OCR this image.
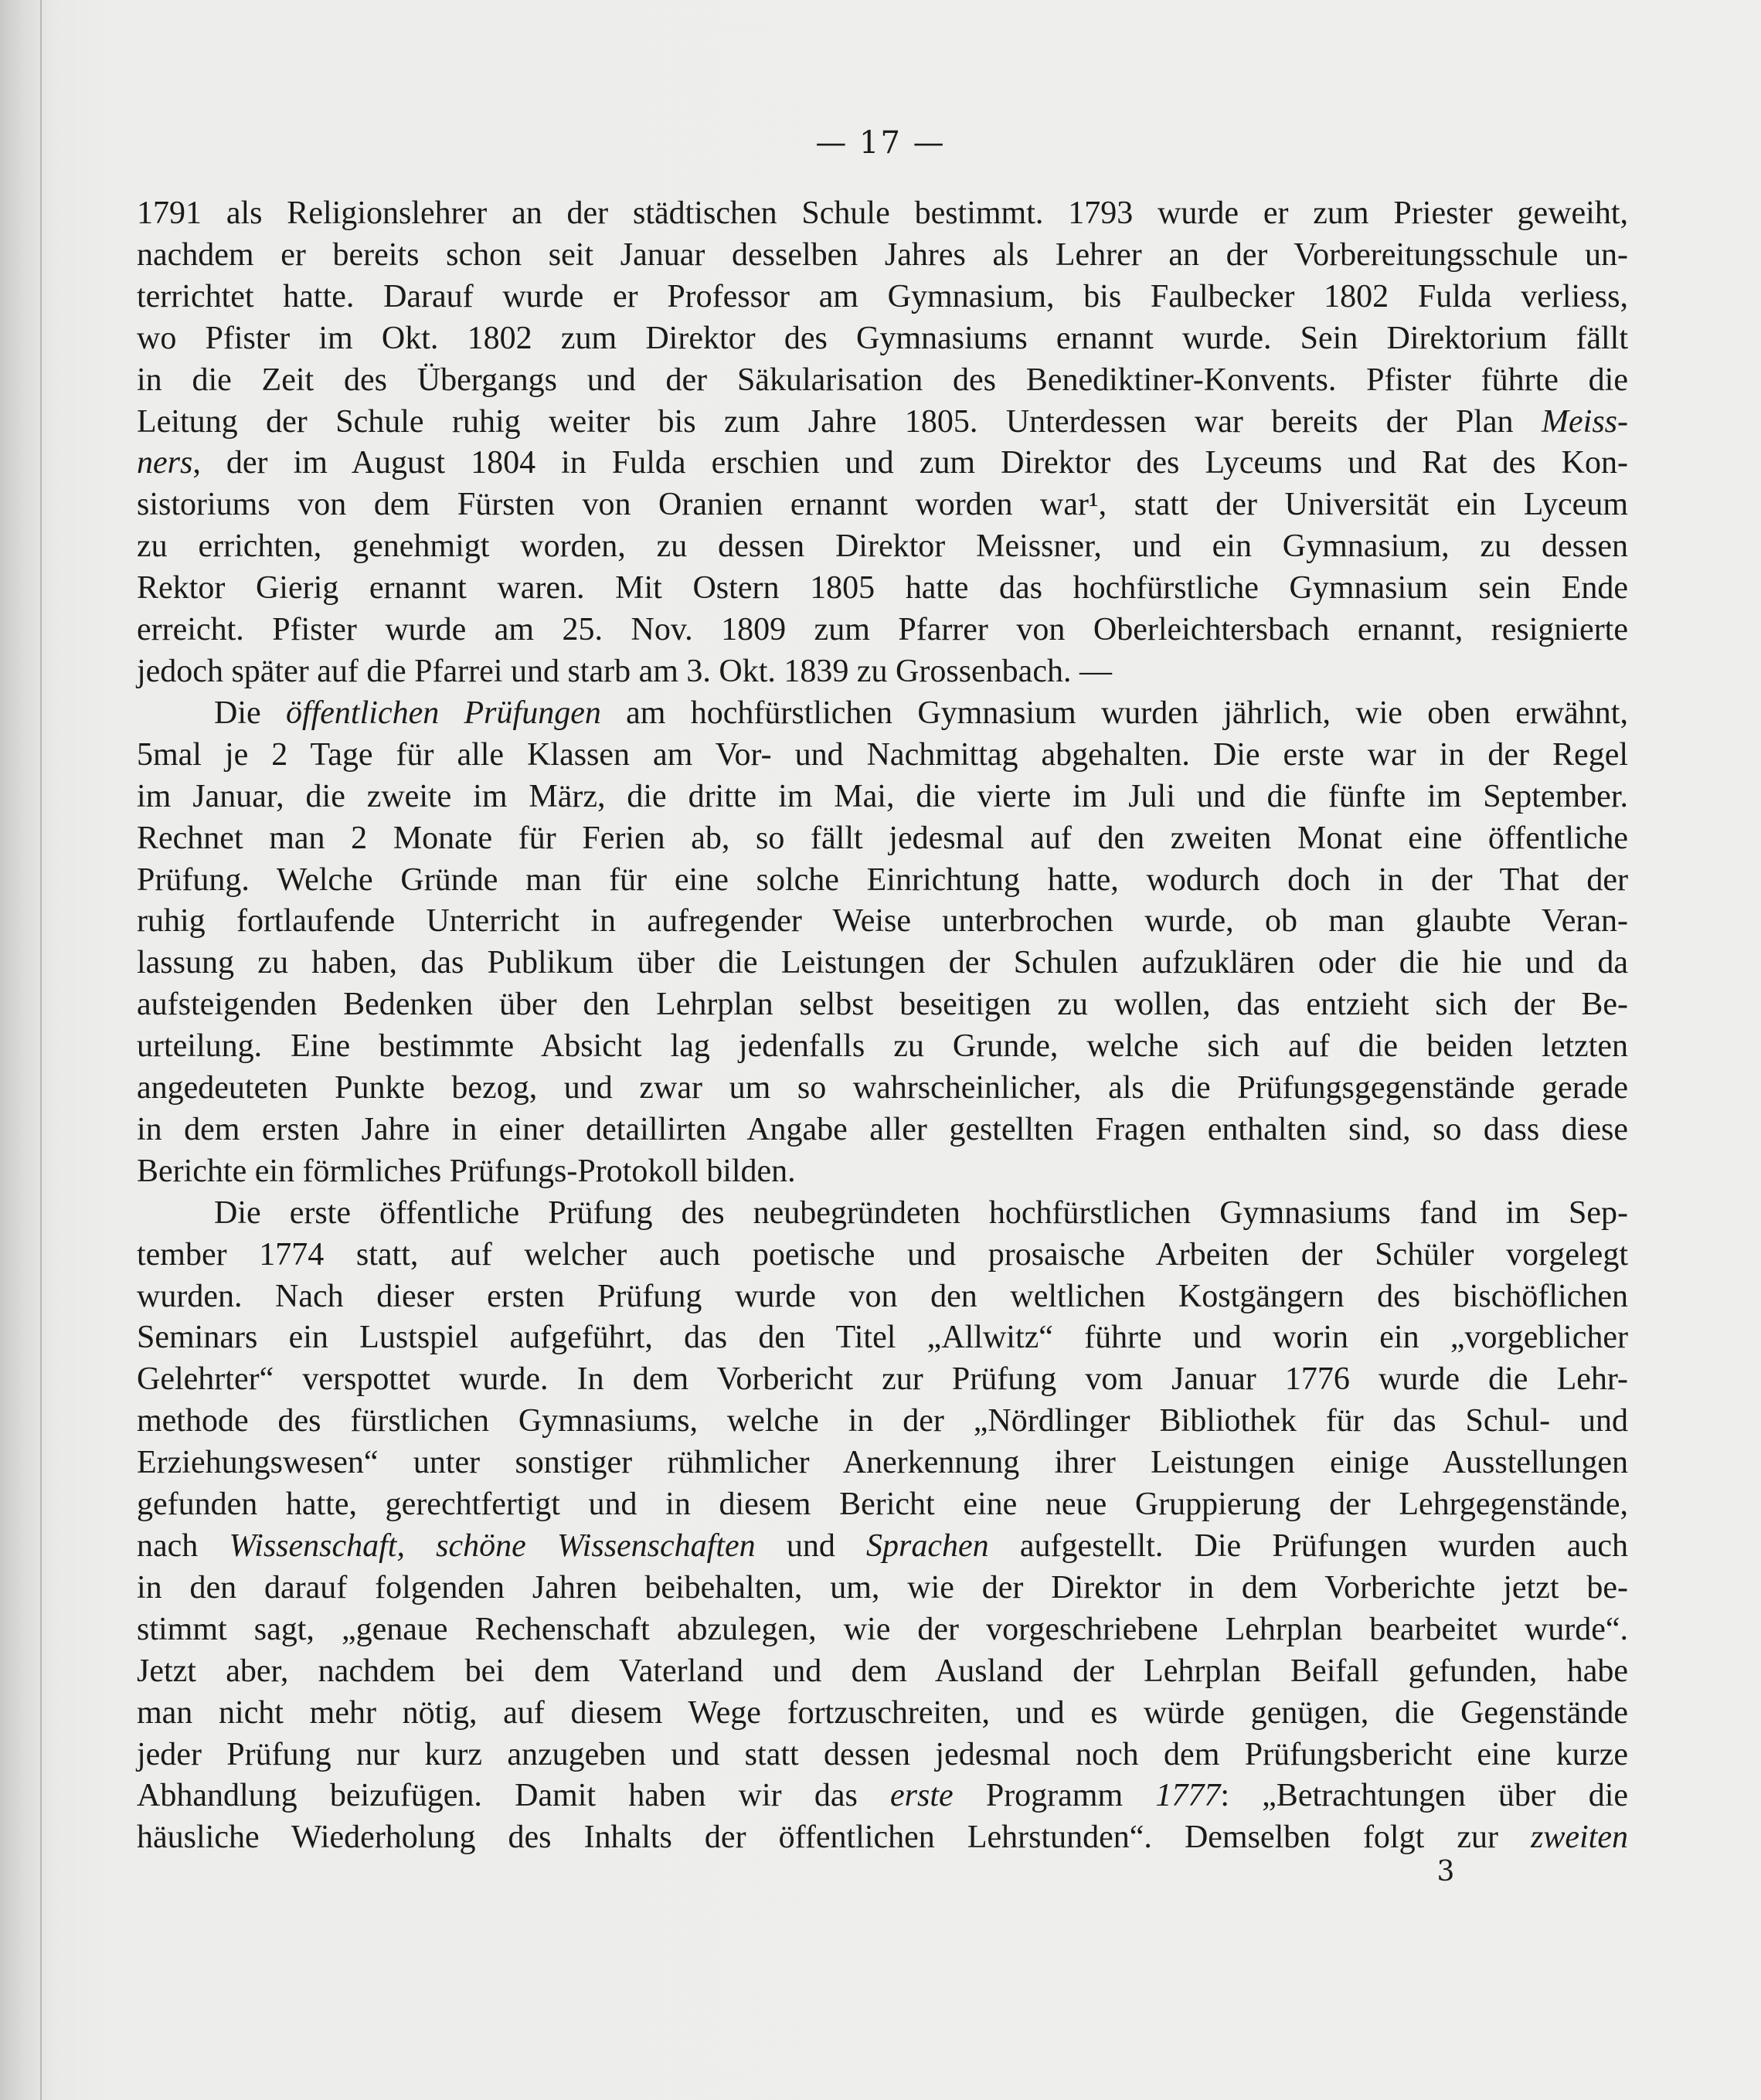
— 17 —

1791 als Religionslehrer an der städtischen Schule bestimmt. 1793 wurde er zum Priester geweiht,
nachdem er bereits schon seit Januar desselben Jahres als Lehrer an der Vorbereitungsschule un-
terrichtet hatte. Darauf wurde er Professor am Gymnasium, bis Faulbecker 1802 Fulda verliess,
wo Pfister im Okt. 1802 zum Direktor des Gymnasiums ernannt wurde. Sein Direktorium fällt
in die Zeit des Übergangs und der Säkularisation des Benediktiner-Konvents. Pfister führte die
Leitung der Schule ruhig weiter bis zum Jahre 1805. Unterdessen war bereits der Plan Meiss-
ners, der im August 1804 in Fulda erschien und zum Direktor des Lyceums und Rat des Kon-
sistoriums von dem Fürsten von Oranien ernannt worden war¹, statt der Universität ein Lyceum
zu errichten, genehmigt worden, zu dessen Direktor Meissner, und ein Gymnasium, zu dessen
Rektor Gierig ernannt waren. Mit Ostern 1805 hatte das hochfürstliche Gymnasium sein Ende
erreicht. Pfister wurde am 25. Nov. 1809 zum Pfarrer von Oberleichtersbach ernannt, resignierte

jedoch später auf die Pfarrei und starb am 3. Okt. 1839 zu Grossenbach. —

Die öffentlichen Prüfungen am hochfürstlichen Gymnasium wurden jährlich, wie oben erwähnt,
5mal je 2 Tage für alle Klassen am Vor- und Nachmittag abgehalten. Die erste war in der Regel
im Januar, die zweite im März, die dritte im Mai, die vierte im Juli und die fünfte im September.
Rechnet man 2 Monate für Ferien ab, so fällt jedesmal auf den zweiten Monat eine öffentliche
Prüfung. Welche Gründe man für eine solche Einrichtung hatte, wodurch doch in der That der
ruhig fortlaufende Unterricht in aufregender Weise unterbrochen wurde, ob man glaubte Veran-
lassung zu haben, das Publikum über die Leistungen der Schulen aufzuklären oder die hie und da
aufsteigenden Bedenken über den Lehrplan selbst beseitigen zu wollen, das entzieht sich der Be-
urteilung. Eine bestimmte Absicht lag jedenfalls zu Grunde, welche sich auf die beiden letzten
angedeuteten Punkte bezog, und zwar um so wahrscheinlicher, als die Prüfungsgegenstände gerade
in dem ersten Jahre in einer detaillirten Angabe aller gestellten Fragen enthalten sind, so dass diese

Berichte ein förmliches Prüfungs-Protokoll bilden.

Die erste öffentliche Prüfung des neubegründeten hochfürstlichen Gymnasiums fand im Sep-
tember 1774 statt, auf welcher auch poetische und prosaische Arbeiten der Schüler vorgelegt
wurden. Nach dieser ersten Prüfung wurde von den weltlichen Kostgängern des bischöflichen
Seminars ein Lustspiel aufgeführt, das den Titel „Allwitz“ führte und worin ein „vorgeblicher
Gelehrter“ verspottet wurde. In dem Vorbericht zur Prüfung vom Januar 1776 wurde die Lehr-
methode des fürstlichen Gymnasiums, welche in der „Nördlinger Bibliothek für das Schul- und
Erziehungswesen“ unter sonstiger rühmlicher Anerkennung ihrer Leistungen einige Ausstellungen
gefunden hatte, gerechtfertigt und in diesem Bericht eine neue Gruppierung der Lehrgegenstände,
nach Wissenschaft, schöne Wissenschaften und Sprachen aufgestellt. Die Prüfungen wurden auch
in den darauf folgenden Jahren beibehalten, um, wie der Direktor in dem Vorberichte jetzt be-
stimmt sagt, „genaue Rechenschaft abzulegen, wie der vorgeschriebene Lehrplan bearbeitet wurde“.
Jetzt aber, nachdem bei dem Vaterland und dem Ausland der Lehrplan Beifall gefunden, habe
man nicht mehr nötig, auf diesem Wege fortzuschreiten, und es würde genügen, die Gegenstände
jeder Prüfung nur kurz anzugeben und statt dessen jedesmal noch dem Prüfungsbericht eine kurze
Abhandlung beizufügen. Damit haben wir das erste Programm 1777: „Betrachtungen über die
häusliche Wiederholung des Inhalts der öffentlichen Lehrstunden“. Demselben folgt zur zweiten

3
